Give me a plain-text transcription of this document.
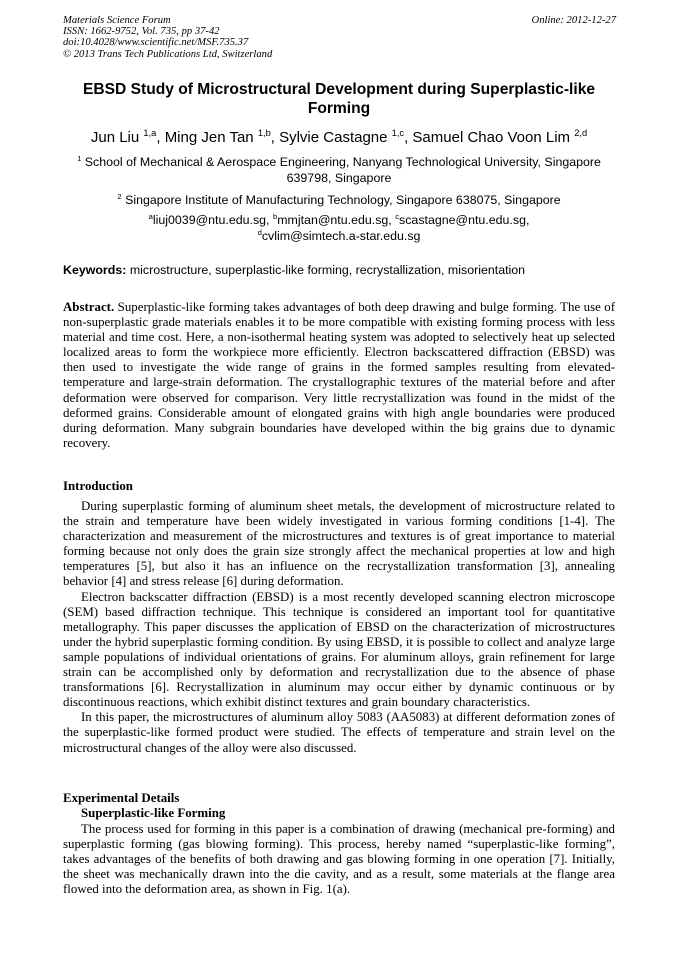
Materials Science Forum
ISSN: 1662-9752, Vol. 735, pp 37-42
doi:10.4028/www.scientific.net/MSF.735.37
© 2013 Trans Tech Publications Ltd, Switzerland
Online: 2012-12-27
EBSD Study of Microstructural Development during Superplastic-like Forming
Jun Liu $^{1,a}$, Ming Jen Tan $^{1,b}$, Sylvie Castagne $^{1,c}$, Samuel Chao Voon Lim $^{2,d}$
$^1$ School of Mechanical & Aerospace Engineering, Nanyang Technological University, Singapore 639798, Singapore
$^2$ Singapore Institute of Manufacturing Technology, Singapore 638075, Singapore
$^a$liuj0039@ntu.edu.sg, $^b$mmjtan@ntu.edu.sg, $^c$scastagne@ntu.edu.sg,
$^d$cvlim@simtech.a-star.edu.sg
Keywords: microstructure, superplastic-like forming, recrystallization, misorientation

Abstract. Superplastic-like forming takes advantages of both deep drawing and bulge forming. The use of non-superplastic grade materials enables it to be more compatible with existing forming process with less material and time cost. Here, a non-isothermal heating system was adopted to selectively heat up selected localized areas to form the workpiece more efficiently. Electron backscattered diffraction (EBSD) was then used to investigate the wide range of grains in the formed samples resulting from elevated-temperature and large-strain deformation. The crystallographic textures of the material before and after deformation were observed for comparison. Very little recrystallization was found in the midst of the deformed grains. Considerable amount of elongated grains with high angle boundaries were produced during deformation. Many subgrain boundaries have developed within the big grains due to dynamic recovery.

Introduction

During superplastic forming of aluminum sheet metals, the development of microstructure related to the strain and temperature have been widely investigated in various forming conditions [1-4]. The characterization and measurement of the microstructures and textures is of great importance to material forming because not only does the grain size strongly affect the mechanical properties at low and high temperatures [5], but also it has an influence on the recrystallization transformation [3], annealing behavior [4] and stress release [6] during deformation.

Electron backscatter diffraction (EBSD) is a most recently developed scanning electron microscope (SEM) based diffraction technique. This technique is considered an important tool for quantitative metallography. This paper discusses the application of EBSD on the characterization of microstructures under the hybrid superplastic forming condition. By using EBSD, it is possible to collect and analyze large sample populations of individual orientations of grains. For aluminum alloys, grain refinement for large strain can be accomplished only by deformation and recrystallization due to the absence of phase transformations [6]. Recrystallization in aluminum may occur either by dynamic continuous or by discontinuous reactions, which exhibit distinct textures and grain boundary characteristics.

In this paper, the microstructures of aluminum alloy 5083 (AA5083) at different deformation zones of the superplastic-like formed product were studied. The effects of temperature and strain level on the microstructural changes of the alloy were also discussed.

Experimental Details
Superplastic-like Forming

The process used for forming in this paper is a combination of drawing (mechanical pre-forming) and superplastic forming (gas blowing forming). This process, hereby named “superplastic-like forming”, takes advantages of the benefits of both drawing and gas blowing forming in one operation [7]. Initially, the sheet was mechanically drawn into the die cavity, and as a result, some materials at the flange area flowed into the deformation area, as shown in Fig. 1(a).
